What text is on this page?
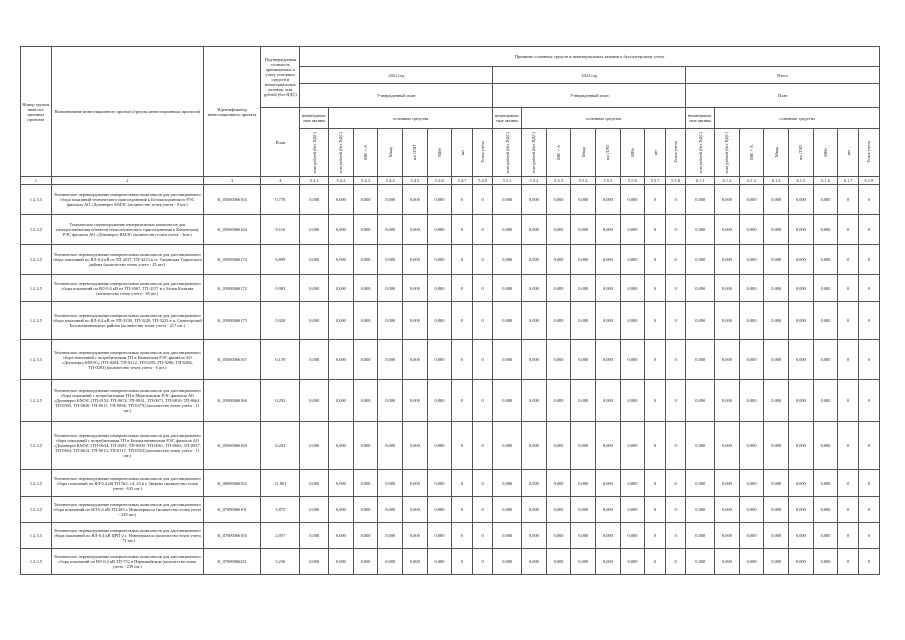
Номер группы инвести-ционных проектов	Наименование инвестиционного проекта (группы инвестиционных проектов)	Идентификатор инвестиционного проекта	Подтвержденная стоимость принимаемых к учету основных средств и нематериальных активов, млн рублей (без НДС)	Принятие основных средств и нематериальных активов к бухгалтерскому учету																							
				2021 год								2022 год								Итого							
				Утвержденный план								Утвержденный план								План							
			План	нематериаль-ные активы	основные средства							нематериаль-ные активы	основные средства							нематериаль-ные активы	основные средства						

				млн рублей (без НДС)	млн рублей (без НДС)	МВ×А	Мвар	км ЛЭП	МВт	шт	Точек учета	млн рублей (без НДС)	млн рублей (без НДС)	МВ×А	Мвар	км ЛЭП	МВт	шт	Точек учета	млн рублей (без НДС)	млн рублей (без НДС)	МВ×А	Мвар	км ЛЭП	МВт	шт	Точек учета

1	2	3	4	5.4.1	5.4.2	5.4.3	5.4.4	5.4.5	5.4.6	5.4.7	5.4.8	5.5.1	5.5.2	5.5.3	5.5.4	5.5.5	5.5.6	5.5.7	5.5.8	6.1.1	6.1.2	6.1.3	6.1.4	6.1.5	6.1.6	6.1.7	6.1.8
1.2.3.5	Техническое перевооружение измерительных комплексов для дистанционного сбора показаний технического присоединения к Белоколодинского РЭС филиала АО «Донэнерго КМЭС (количество точек учета - 9 шт.)	K_05000066163	0,776	0,000	0,000	0,000	0,000	0,000	0,000	0	0	0,000	0,000	0,000	0,000	0,000	0,000	0	0	0,000	0,000	0,000	0,000	0,000	0,000	0	0
1.2.3.5	Техническое перевооружение измерительных комплексов для электроснабжения объектов технологического присоединения к Каменскому РЭС филиала АО «Донэнерго КМЭС (количество точек учета - 3шт.)	K_05000066164	0,116	0,000	0,000	0,000	0,000	0,000	0,000	0	0	0,000	0,000	0,000	0,000	0,000	0,000	0	0	0,000	0,000	0,000	0,000	0,000	0,000	0	0
1.2.3.5	Техническое перевооружение измерительных комплексов для дистанционного сбора показаний по ВЛ-0,4 кВ от ТП 4237, ТП-4213 в ст. Тацинская Тацинского района (количество точек учета - 25 шт.)	K_05000066174	6,899	0,000	0,000	0,000	0,000	0,000	0,000	0	0	0,000	0,000	0,000	0,000	0,000	0,000	0	0	0,000	0,000	0,000	0,000	0,000	0,000	0	0
1.2.3.5	Техническое перевооружение измерительных комплексов для дистанционного сбора показаний по ВЛ-0,4 кВ от ТП-3067, ТП-3157 в г. Белая Калитва (количество точек учета - 38 шт.)	K_05000066172	9,983	0,000	0,000	0,000	0,000	0,000	0,000	0	0	0,000	0,000	0,000	0,000	0,000	0,000	0	0	0,000	0,000	0,000	0,000	0,000	0,000	0	0
1.2.3.5	Техническое перевооружение измерительных комплексов для дистанционного сбора показаний по ВЛ-0,4 кВ от ТП-3230, ТП-3229, ТП-3223 в п. Синегорский Белокалитвинского района (количество точек учета - 217 шт.)	K_05000066175	5,920	0,000	0,000	0,000	0,000	0,000	0,000	0	0	0,000	0,000	0,000	0,000	0,000	0,000	0	0	0,000	0,000	0,000	0,000	0,000	0,000	0	0
1.2.3.5	Техническое перевооружение измерительных комплексов для дистанционного сбора показаний с потребителями ТП в Каменском РЭС филиала АО «Донэнерго КМЭС» (ТП-0204, ТП-0212, ТП-0295, ТП-0296, ТП-0286, ТП-0293) (количество точек учета - 6 шт.)	K_05000066167	0,159	0,000	0,000	0,000	0,000	0,000	0,000	0	0	0,000	0,000	0,000	0,000	0,000	0,000	0	0	0,000	0,000	0,000	0,000	0,000	0,000	0	0
1.2.3.5	Техническое перевооружение измерительных комплексов для дистанционного сбора показаний с потребителями ТП в Морозовском РЭС филиала АО «Донэнерго КМЭС (ТП-0152, ТП-0674, ТП-0831, ТП-0671, ТП-0810, ТП-0661, ТП-0505, ТП-0820, ТП-0611, ТП-0836, ТП-0379) (количество точек учета - 11 шт.)	K_05000066166	0,292	0,000	0,000	0,000	0,000	0,000	0,000	0	0	0,000	0,000	0,000	0,000	0,000	0,000	0	0	0,000	0,000	0,000	0,000	0,000	0,000	0	0
1.2.3.5	Техническое перевооружение измерительных комплексов для дистанционного сбора показаний с потребителями ТП в Белокалитвинском РЭС филиала АО «Донэнерго КМЭС (ТП-0634, ТП-0581, ТП-0690, ТП-0661, ТП-0663, ТП-0657, ТП-0664, ТП-0612, ТП-0613, ТП-0117, ТП-0553) (количество точек учета - 11 шт.)	K_05000066169	0,292	0,000	0,000	0,000	0,000	0,000	0,000	0	0	0,000	0,000	0,000	0,000	0,000	0,000	0	0	0,000	0,000	0,000	0,000	0,000	0,000	0	0
1.2.3.5	Техническое перевооружение измерительных комплексов для дистанционного сбора показаний по ВЛ-0,4 кВ ТП №5, 14, 43 в г. Зверево (количество точек учета - 635 шт.)	K_06000066162	11,801	0,000	0,000	0,000	0,000	0,000	0,000	0	0	0,000	0,000	0,000	0,000	0,000	0,000	0	0	0,000	0,000	0,000	0,000	0,000	0,000	0	0
1.2.3.5	Техническое перевооружение измерительных комплексов для дистанционного сбора показаний по ВЛ-0,4 кВ ТП 265 г. Новочеркасск (количество точек учета - 239 шт.)	K_07000066101	3,875	0,000	0,000	0,000	0,000	0,000	0,000	0	0	0,000	0,000	0,000	0,000	0,000	0,000	0	0	0,000	0,000	0,000	0,000	0,000	0,000	0	0
1.2.3.5	Техническое перевооружение измерительных комплексов для дистанционного сбора показаний по ВЛ-0,4 кВ ЦРП-2 г. Новочеркасск (количество точек учета - 72 шт.)	K_07000066103	2,957	0,000	0,000	0,000	0,000	0,000	0,000	0	0	0,000	0,000	0,000	0,000	0,000	0,000	0	0	0,000	0,000	0,000	0,000	0,000	0,000	0	0
1.2.3.5	Техническое перевооружение измерительных комплексов для дистанционного сбора показаний по ВЛ-0,4 кВ ТП-752 в Первомайском (количество точек учета - 239 шт.)	K_07000066251	3,236	0,000	0,000	0,000	0,000	0,000	0,000	0	0	0,000	0,000	0,000	0,000	0,000	0,000	0	0	0,000	0,000	0,000	0,000	0,000	0,000	0	0
